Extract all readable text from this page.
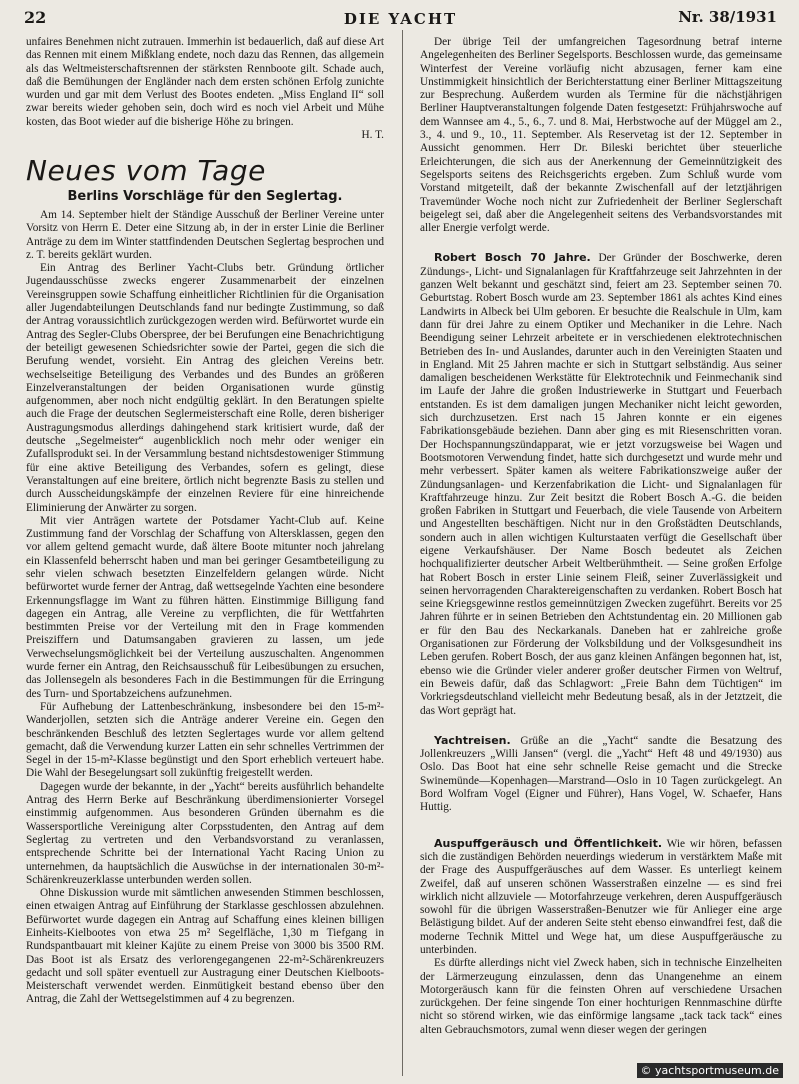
22	DIE YACHT	Nr. 38/1931

unfaires Benehmen nicht zutrauen. Immerhin ist bedauerlich, daß auf diese Art das Rennen mit einem Mißklang endete, noch dazu das Rennen, das allgemein als das Weltmeisterschaftsrennen der stärksten Rennboote gilt. Schade auch, daß die Bemühungen der Engländer nach dem ersten schönen Erfolg zunichte wurden und gar mit dem Verlust des Bootes endeten. „Miss England II“ soll zwar bereits wieder gehoben sein, doch wird es noch viel Arbeit und Mühe kosten, das Boot wieder auf die bisherige Höhe zu bringen.

H. T.
Neues vom Tage
Berlins Vorschläge für den Seglertag.

Am 14. September hielt der Ständige Ausschuß der Berliner Vereine unter Vorsitz von Herrn E. Deter eine Sitzung ab, in der in erster Linie die Berliner Anträge zu dem im Winter stattfindenden Deutschen Seglertag besprochen und z. T. bereits geklärt wurden.

Ein Antrag des Berliner Yacht-Clubs betr. Gründung örtlicher Jugendausschüsse zwecks engerer Zusammenarbeit der einzelnen Vereinsgruppen sowie Schaffung einheitlicher Richtlinien für die Organisation aller Jugendabteilungen Deutschlands fand nur bedingte Zustimmung, so daß der Antrag voraussichtlich zurückgezogen werden wird. Befürwortet wurde ein Antrag des Segler-Clubs Oberspree, der bei Berufungen eine Benachrichtigung der beteiligt gewesenen Schiedsrichter sowie der Partei, gegen die sich die Berufung wendet, vorsieht. Ein Antrag des gleichen Vereins betr. wechselseitige Beteiligung des Verbandes und des Bundes an größeren Einzelveranstaltungen der beiden Organisationen wurde günstig aufgenommen, aber noch nicht endgültig geklärt. In den Beratungen spielte auch die Frage der deutschen Seglermeisterschaft eine Rolle, deren bisheriger Austragungsmodus allerdings dahingehend stark kritisiert wurde, daß der deutsche „Segelmeister“ augenblicklich noch mehr oder weniger ein Zufallsprodukt sei. In der Versammlung bestand nichtsdestoweniger Stimmung für eine aktive Beteiligung des Verbandes, sofern es gelingt, diese Veranstaltungen auf eine breitere, örtlich nicht begrenzte Basis zu stellen und durch Ausscheidungskämpfe der einzelnen Reviere für eine hinreichende Eliminierung der Anwärter zu sorgen.

Mit vier Anträgen wartete der Potsdamer Yacht-Club auf. Keine Zustimmung fand der Vorschlag der Schaffung von Altersklassen, gegen den vor allem geltend gemacht wurde, daß ältere Boote mitunter noch jahrelang ein Klassenfeld beherrscht haben und man bei geringer Gesamtbeteiligung zu sehr vielen schwach besetzten Einzelfeldern gelangen würde. Nicht befürwortet wurde ferner der Antrag, daß wettsegelnde Yachten eine besondere Erkennungsflagge im Want zu führen hätten. Einstimmige Billigung fand dagegen ein Antrag, alle Vereine zu verpflichten, die für Wettfahrten bestimmten Preise vor der Verteilung mit den in Frage kommenden Preisziffern und Datumsangaben gravieren zu lassen, um jede Verwechselungsmöglichkeit bei der Verteilung auszuschalten. Angenommen wurde ferner ein Antrag, den Reichsausschuß für Leibesübungen zu ersuchen, das Jollensegeln als besonderes Fach in die Bestimmungen für die Erringung des Turn- und Sportabzeichens aufzunehmen.

Für Aufhebung der Lattenbeschränkung, insbesondere bei den 15-m²-Wanderjollen, setzten sich die Anträge anderer Vereine ein. Gegen den beschränkenden Beschluß des letzten Seglertages wurde vor allem geltend gemacht, daß die Verwendung kurzer Latten ein sehr schnelles Vertrimmen der Segel in der 15-m²-Klasse begünstigt und den Sport erheblich verteuert habe. Die Wahl der Besegelungsart soll zukünftig freigestellt werden.

Dagegen wurde der bekannte, in der „Yacht“ bereits ausführlich behandelte Antrag des Herrn Berke auf Beschränkung überdimensionierter Vorsegel einstimmig aufgenommen. Aus besonderen Gründen übernahm es die Wassersportliche Vereinigung alter Corpsstudenten, den Antrag auf dem Seglertag zu vertreten und den Verbandsvorstand zu veranlassen, entsprechende Schritte bei der International Yacht Racing Union zu unternehmen, da hauptsächlich die Auswüchse in der internationalen 30-m²-Schärenkreuzerklasse unterbunden werden sollen.

Ohne Diskussion wurde mit sämtlichen anwesenden Stimmen beschlossen, einen etwaigen Antrag auf Einführung der Starklasse geschlossen abzulehnen. Befürwortet wurde dagegen ein Antrag auf Schaffung eines kleinen billigen Einheits-Kielbootes von etwa 25 m² Segelfläche, 1,30 m Tiefgang in Rundspantbauart mit kleiner Kajüte zu einem Preise von 3000 bis 3500 RM. Das Boot ist als Ersatz des verlorengegangenen 22-m²-Schärenkreuzers gedacht und soll später eventuell zur Austragung einer Deutschen Kielboots-Meisterschaft verwendet werden. Einmütigkeit bestand ebenso über den Antrag, die Zahl der Wettsegelstimmen auf 4 zu begrenzen.

Der übrige Teil der umfangreichen Tagesordnung betraf interne Angelegenheiten des Berliner Segelsports. Beschlossen wurde, das gemeinsame Winterfest der Vereine vorläufig nicht abzusagen, ferner kam eine Unstimmigkeit hinsichtlich der Berichterstattung einer Berliner Mittagszeitung zur Besprechung. Außerdem wurden als Termine für die nächstjährigen Berliner Hauptveranstaltungen folgende Daten festgesetzt: Frühjahrswoche auf dem Wannsee am 4., 5., 6., 7. und 8. Mai, Herbstwoche auf der Müggel am 2., 3., 4. und 9., 10., 11. September. Als Reservetag ist der 12. September in Aussicht genommen. Herr Dr. Bileski berichtet über steuerliche Erleichterungen, die sich aus der Anerkennung der Gemeinnützigkeit des Segelsports seitens des Reichsgerichts ergeben. Zum Schluß wurde vom Vorstand mitgeteilt, daß der bekannte Zwischenfall auf der letztjährigen Travemünder Woche noch nicht zur Zufriedenheit der Berliner Seglerschaft beigelegt sei, daß aber die Angelegenheit seitens des Verbandsvorstandes mit aller Energie verfolgt werde.

Robert Bosch 70 Jahre. Der Gründer der Boschwerke, deren Zündungs-, Licht- und Signalanlagen für Kraftfahrzeuge seit Jahrzehnten in der ganzen Welt bekannt und geschätzt sind, feiert am 23. September seinen 70. Geburtstag. Robert Bosch wurde am 23. September 1861 als achtes Kind eines Landwirts in Albeck bei Ulm geboren. Er besuchte die Realschule in Ulm, kam dann für drei Jahre zu einem Optiker und Mechaniker in die Lehre. Nach Beendigung seiner Lehrzeit arbeitete er in verschiedenen elektrotechnischen Betrieben des In- und Auslandes, darunter auch in den Vereinigten Staaten und in England. Mit 25 Jahren machte er sich in Stuttgart selbständig. Aus seiner damaligen bescheidenen Werkstätte für Elektrotechnik und Feinmechanik sind im Laufe der Jahre die großen Industriewerke in Stuttgart und Feuerbach entstanden. Es ist dem damaligen jungen Mechaniker nicht leicht geworden, sich durchzusetzen. Erst nach 15 Jahren konnte er ein eigenes Fabrikationsgebäude beziehen. Dann aber ging es mit Riesenschritten voran. Der Hochspannungszündapparat, wie er jetzt vorzugsweise bei Wagen und Bootsmotoren Verwendung findet, hatte sich durchgesetzt und wurde mehr und mehr verbessert. Später kamen als weitere Fabrikationszweige außer der Zündungsanlagen- und Kerzenfabrikation die Licht- und Signalanlagen für Kraftfahrzeuge hinzu. Zur Zeit besitzt die Robert Bosch A.-G. die beiden großen Fabriken in Stuttgart und Feuerbach, die viele Tausende von Arbeitern und Angestellten beschäftigen. Nicht nur in den Großstädten Deutschlands, sondern auch in allen wichtigen Kulturstaaten verfügt die Gesellschaft über eigene Verkaufshäuser. Der Name Bosch bedeutet als Zeichen hochqualifizierter deutscher Arbeit Weltberühmtheit. — Seine großen Erfolge hat Robert Bosch in erster Linie seinem Fleiß, seiner Zuverlässigkeit und seinen hervorragenden Charaktereigenschaften zu verdanken. Robert Bosch hat seine Kriegsgewinne restlos gemeinnützigen Zwecken zugeführt. Bereits vor 25 Jahren führte er in seinen Betrieben den Achtstundentag ein. 20 Millionen gab er für den Bau des Neckarkanals. Daneben hat er zahlreiche große Organisationen zur Förderung der Volksbildung und der Volksgesundheit ins Leben gerufen. Robert Bosch, der aus ganz kleinen Anfängen begonnen hat, ist, ebenso wie die Gründer vieler anderer großer deutscher Firmen von Weltruf, ein Beweis dafür, daß das Schlagwort: „Freie Bahn dem Tüchtigen“ im Vorkriegsdeutschland vielleicht mehr Bedeutung besaß, als in der Jetztzeit, die das Wort geprägt hat.

Yachtreisen. Grüße an die „Yacht“ sandte die Besatzung des Jollenkreuzers „Willi Jansen“ (vergl. die „Yacht“ Heft 48 und 49/1930) aus Oslo. Das Boot hat eine sehr schnelle Reise gemacht und die Strecke Swinemünde—Kopenhagen—Marstrand—Oslo in 10 Tagen zurückgelegt. An Bord Wolfram Vogel (Eigner und Führer), Hans Vogel, W. Schaefer, Hans Huttig.

Auspuffgeräusch und Öffentlichkeit. Wie wir hören, befassen sich die zuständigen Behörden neuerdings wiederum in verstärktem Maße mit der Frage des Auspuffgeräusches auf dem Wasser. Es unterliegt keinem Zweifel, daß auf unseren schönen Wasserstraßen einzelne — es sind frei wirklich nicht allzuviele — Motorfahrzeuge verkehren, deren Auspuffgeräusch sowohl für die übrigen Wasserstraßen-Benutzer wie für Anlieger eine arge Belästigung bildet. Auf der anderen Seite steht ebenso einwandfrei fest, daß die moderne Technik Mittel und Wege hat, um diese Auspuffgeräusche zu unterbinden.

Es dürfte allerdings nicht viel Zweck haben, sich in technische Einzelheiten der Lärmerzeugung einzulassen, denn das Unangenehme an einem Motorgeräusch kann für die feinsten Ohren auf verschiedene Ursachen zurückgehen. Der feine singende Ton einer hochturigen Rennmaschine dürfte nicht so störend wirken, wie das einförmige langsame „tack tack tack“ eines alten Gebrauchsmotors, zumal wenn dieser wegen der geringen

© yachtsportmuseum.de
